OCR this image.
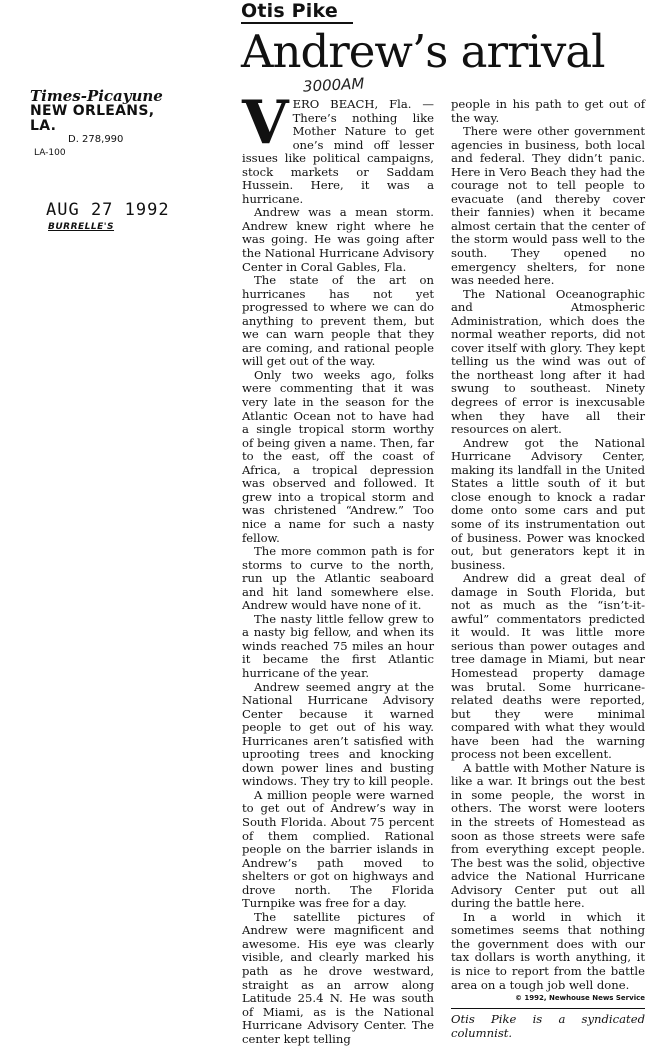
Otis Pike
Andrew’s arrival
3000AM
Times-Picayune
NEW ORLEANS, LA.
D. 278,990
LA-100
AUG 27 1992
BURRELLE'S

VERO BEACH, Fla. — There’s nothing like Mother Nature to get one’s mind off lesser issues like political campaigns, stock markets or Saddam Hussein. Here, it was a hurricane.

Andrew was a mean storm. Andrew knew right where he was going. He was going after the National Hurricane Advisory Center in Coral Gables, Fla.

The state of the art on hurricanes has not yet progressed to where we can do anything to prevent them, but we can warn people that they are coming, and rational people will get out of the way.

Only two weeks ago, folks were commenting that it was very late in the season for the Atlantic Ocean not to have had a single tropical storm worthy of being given a name. Then, far to the east, off the coast of Africa, a tropical depression was observed and followed. It grew into a tropical storm and was christened “Andrew.” Too nice a name for such a nasty fellow.

The more common path is for storms to curve to the north, run up the Atlantic seaboard and hit land somewhere else. Andrew would have none of it.

The nasty little fellow grew to a nasty big fellow, and when its winds reached 75 miles an hour it became the first Atlantic hurricane of the year.

Andrew seemed angry at the National Hurricane Advisory Center because it warned people to get out of his way. Hurricanes aren’t satisfied with uprooting trees and knocking down power lines and busting windows. They try to kill people.

A million people were warned to get out of Andrew’s way in South Florida. About 75 percent of them complied. Rational people on the barrier islands in Andrew’s path moved to shelters or got on highways and drove north. The Florida Turnpike was free for a day.

The satellite pictures of Andrew were magnificent and awesome. His eye was clearly visible, and clearly marked his path as he drove westward, straight as an arrow along Latitude 25.4 N. He was south of Miami, as is the National Hurricane Advisory Center. The center kept telling

people in his path to get out of the way.

There were other government agencies in business, both local and federal. They didn’t panic. Here in Vero Beach they had the courage not to tell people to evacuate (and thereby cover their fannies) when it became almost certain that the center of the storm would pass well to the south. They opened no emergency shelters, for none was needed here.

The National Oceanographic and Atmospheric Administration, which does the normal weather reports, did not cover itself with glory. They kept telling us the wind was out of the northeast long after it had swung to southeast. Ninety degrees of error is inexcusable when they have all their resources on alert.

Andrew got the National Hurricane Advisory Center, making its landfall in the United States a little south of it but close enough to knock a radar dome onto some cars and put some of its instrumentation out of business. Power was knocked out, but generators kept it in business.

Andrew did a great deal of damage in South Florida, but not as much as the “isn’t-it-awful” commentators predicted it would. It was little more serious than power outages and tree damage in Miami, but near Homestead property damage was brutal. Some hurricane-related deaths were reported, but they were minimal compared with what they would have been had the warning process not been excellent.

A battle with Mother Nature is like a war. It brings out the best in some people, the worst in others. The worst were looters in the streets of Homestead as soon as those streets were safe from everything except people. The best was the solid, objective advice the National Hurricane Advisory Center put out all during the battle here.

In a world in which it sometimes seems that nothing the government does with our tax dollars is worth anything, it is nice to report from the battle area on a tough job well done.

© 1992, Newhouse News Service
Otis Pike is a syndicated columnist.
